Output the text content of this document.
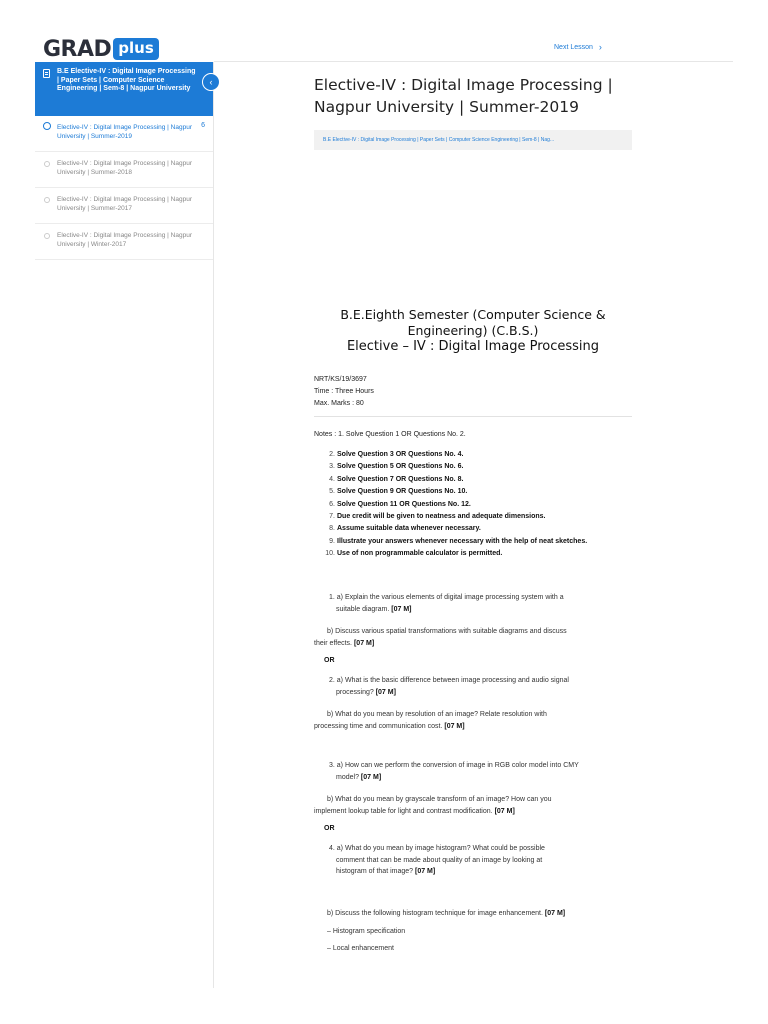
GRAD plus	Next Lesson ›
B.E Elective-IV : Digital Image Processing | Paper Sets | Computer Science Engineering | Sem-8 | Nagpur University
Elective-IV : Digital Image Processing | Nagpur University | Summer-2019
6
Elective-IV : Digital Image Processing | Nagpur University | Summer-2018
Elective-IV : Digital Image Processing | Nagpur University | Summer-2017
Elective-IV : Digital Image Processing | Nagpur University | Winter-2017
‹	Elective-IV : Digital Image Processing |
Nagpur University | Summer-2019
B.E Elective-IV : Digital Image Processing | Paper Sets | Computer Science Engineering | Sem-8 | Nag...
B.E.Eighth Semester (Computer Science &
Engineering) (C.B.S.)
Elective – IV : Digital Image Processing
NRT/KS/19/3697
Time : Three Hours
Max. Marks : 80
Notes : 1. Solve Question 1 OR Questions No. 2.
2. Solve Question 3 OR Questions No. 4.
3. Solve Question 5 OR Questions No. 6.
4. Solve Question 7 OR Questions No. 8.
5. Solve Question 9 OR Questions No. 10.
6. Solve Question 11 OR Questions No. 12.
7. Due credit will be given to neatness and adequate dimensions.
8. Assume suitable data whenever necessary.
9. Illustrate your answers whenever necessary with the help of neat sketches.
10. Use of non programmable calculator is permitted.
1. a) Explain the various elements of digital image processing system with a
suitable diagram. [07 M]
b) Discuss various spatial transformations with suitable diagrams and discuss
their effects. [07 M]
OR
2. a) What is the basic difference between image processing and audio signal
processing? [07 M]
b) What do you mean by resolution of an image? Relate resolution with
processing time and communication cost. [07 M]
3. a) How can we perform the conversion of image in RGB color model into CMY
model? [07 M]
b) What do you mean by grayscale transform of an image? How can you
implement lookup table for light and contrast modification. [07 M]
OR
4. a) What do you mean by image histogram? What could be possible
comment that can be made about quality of an image by looking at
histogram of that image? [07 M]
b) Discuss the following histogram technique for image enhancement. [07 M]
– Histogram specification
– Local enhancement
